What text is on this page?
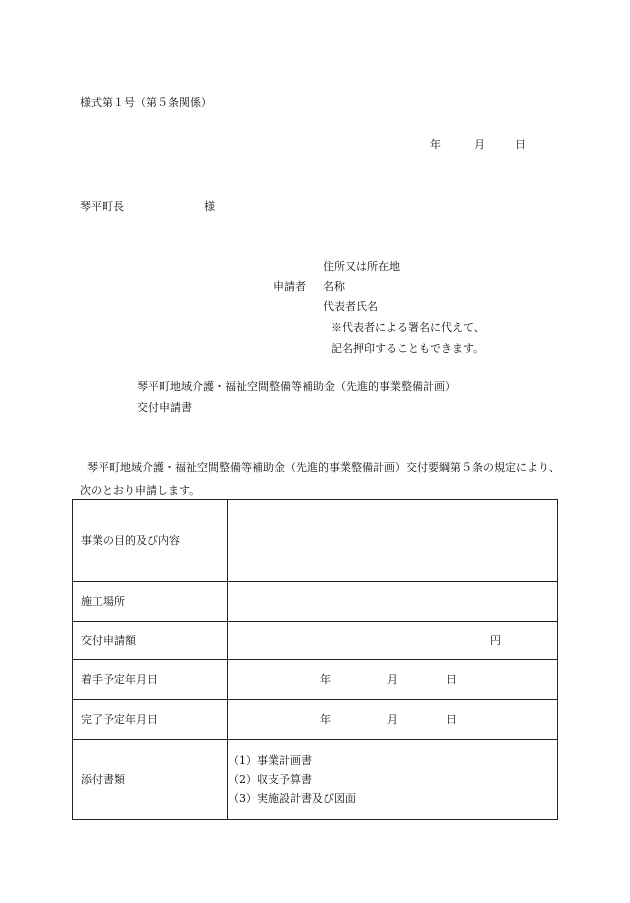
様式第１号（第５条関係）
年	月	日
琴平町長	様
申請者
住所又は所在地
名称
代表者氏名
※代表者による署名に代えて、
記名押印することもできます。
琴平町地域介護・福祉空間整備等補助金（先進的事業整備計画）
交付申請書
琴平町地域介護・福祉空間整備等補助金（先進的事業整備計画）交付要綱第５条の規定により、
次のとおり申請します。
事業の目的及び内容	
施工場所	
交付申請額	円

着手予定年月日	年 月 日

完了予定年月日	年 月 日

添付書類	（1）事業計画書
（2）収支予算書
（3）実施設計書及び図面
